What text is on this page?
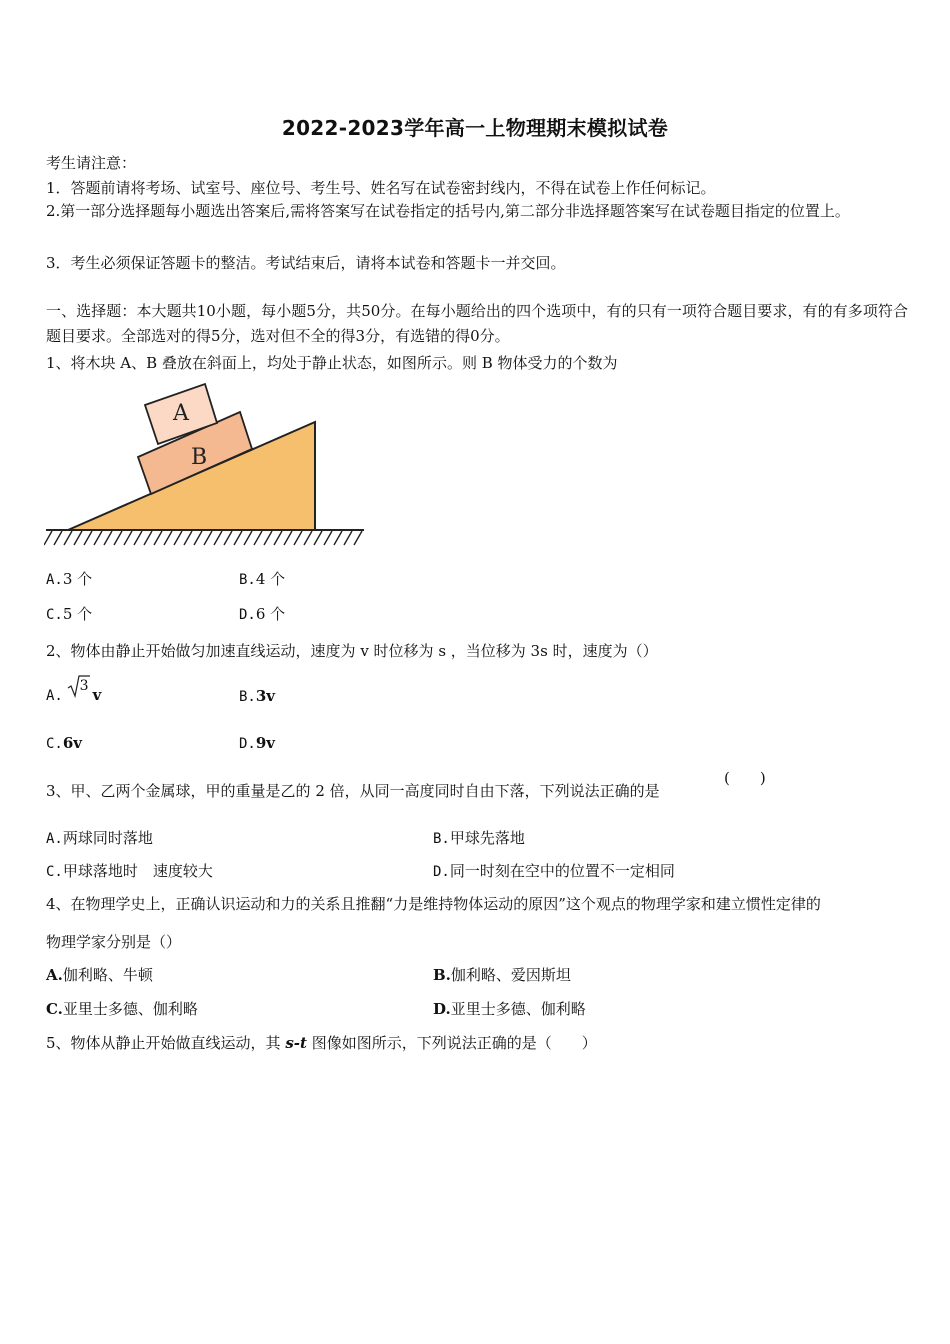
2022-2023学年高一上物理期末模拟试卷
考生请注意：
1．答题前请将考场、试室号、座位号、考生号、姓名写在试卷密封线内，不得在试卷上作任何标记。
2.第一部分选择题每小题选出答案后,需将答案写在试卷指定的括号内,第二部分非选择题答案写在试卷题目指定的位置上。
3．考生必须保证答题卡的整洁。考试结束后，请将本试卷和答题卡一并交回。
一、选择题：本大题共10小题，每小题5分，共50分。在每小题给出的四个选项中，有的只有一项符合题目要求，有的有多项符合题目要求。全部选对的得5分，选对但不全的得3分，有选错的得0分。
1、将木块 A、B 叠放在斜面上，均处于静止状态，如图所示。则 B 物体受力的个数为
B
A
A.3 个	B.4 个
C.5 个	D.6 个
2、物体由静止开始做匀加速直线运动，速度为 v 时位移为 s ，当位移为 3s 时，速度为（）
A.
3 v	B.3v
C.6v	D.9v
3、甲、乙两个金属球，甲的重量是乙的 2 倍，从同一高度同时自由下落，下列说法正确的是
(　　)
A.两球同时落地	B.甲球先落地
C.甲球落地时　速度较大	D.同一时刻在空中的位置不一定相同
4、在物理学史上，正确认识运动和力的关系且推翻“力是维持物体运动的原因”这个观点的物理学家和建立惯性定律的
物理学家分别是（）
A.伽利略、牛顿	B.伽利略、爱因斯坦
C.亚里士多德、伽利略	D.亚里士多德、伽利略
5、物体从静止开始做直线运动，其 s-t 图像如图所示，下列说法正确的是（　　）
